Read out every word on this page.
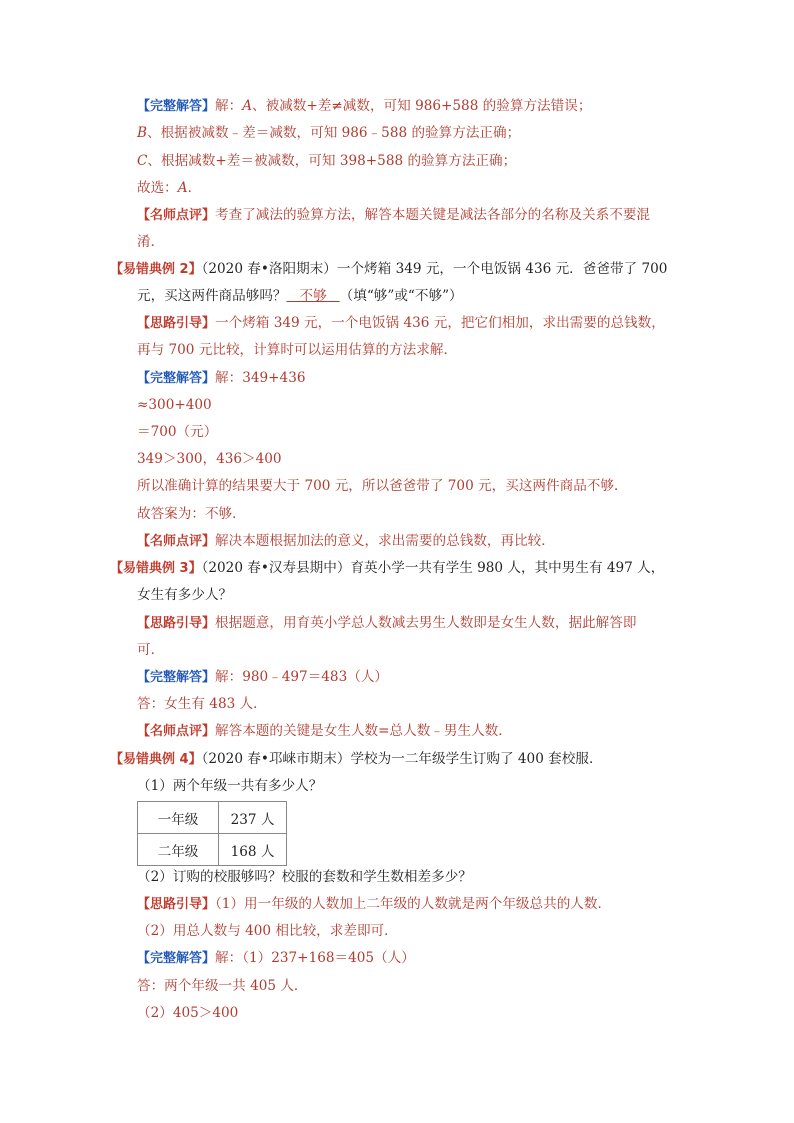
【完整解答】解：A、被减数+差≠减数，可知 986+588 的验算方法错误；
B、根据被减数﹣差＝减数，可知 986﹣588 的验算方法正确；
C、根据减数+差＝被减数，可知 398+588 的验算方法正确；
故选：A．
【名师点评】考查了减法的验算方法，解答本题关键是减法各部分的名称及关系不要混
淆．
【易错典例 2】（2020 春•洛阳期末）一个烤箱 349 元，一个电饭锅 436 元．爸爸带了 700
元，买这两件商品够吗？   不够   （填“够”或“不够”）
【思路引导】一个烤箱 349 元，一个电饭锅 436 元，把它们相加，求出需要的总钱数，
再与 700 元比较，计算时可以运用估算的方法求解．
【完整解答】解：349+436
≈300+400
＝700（元）
349＞300，436＞400
所以准确计算的结果要大于 700 元，所以爸爸带了 700 元，买这两件商品不够．
故答案为：不够．
【名师点评】解决本题根据加法的意义，求出需要的总钱数，再比较．
【易错典例 3】（2020 春•汉寿县期中）育英小学一共有学生 980 人，其中男生有 497 人，
女生有多少人？
【思路引导】根据题意，用育英小学总人数减去男生人数即是女生人数，据此解答即
可．
【完整解答】解：980﹣497＝483（人）
答：女生有 483 人．
【名师点评】解答本题的关键是女生人数=总人数﹣男生人数．
【易错典例 4】（2020 春•邛崃市期末）学校为一二年级学生订购了 400 套校服．
（1）两个年级一共有多少人？
一年级	237 人
二年级	168 人
（2）订购的校服够吗？校服的套数和学生数相差多少？
【思路引导】（1）用一年级的人数加上二年级的人数就是两个年级总共的人数．
（2）用总人数与 400 相比较，求差即可．
【完整解答】解：（1）237+168＝405（人）
答：两个年级一共 405 人．
（2）405＞400
